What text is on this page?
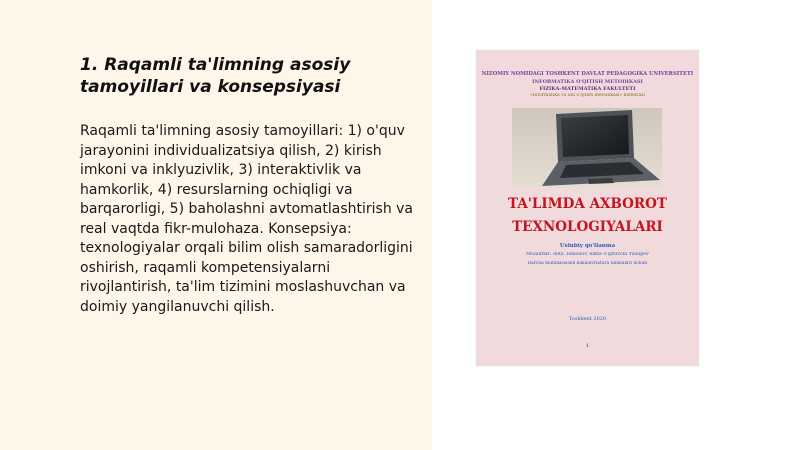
1. Raqamli ta'limning asosiy tamoyillari va konsepsiyasi

Raqamli ta'limning asosiy tamoyillari: 1) o'quv jarayonini individualizatsiya qilish, 2) kirish imkoni va inklyuzivlik, 3) interaktivlik va hamkorlik, 4) resurslarning ochiqligi va barqarorligi, 5) baholashni avtomatlashtirish va real vaqtda fikr-mulohaza. Konsepsiya: texnologiyalar orqali bilim olish samaradorligini oshirish, raqamli kompetensiyalarni rivojlantirish, ta'lim tizimini moslashuvchan va doimiy yangilanuvchi qilish.

NIZOMIY NOMIDAGI TOSHKENT DAVLAT PEDAGOGIKA UNIVERSITETI
INFORMATIKA O'QITISH METODIKASI
FIZIKA-MATEMATIKA FAKULTETI
«Informatika va uni o'qitish metodikasi» kafedrasi
TA'LIMDA AXBOROT
TEXNOLOGIYALARI
Uslubiy qo'llanma
Mualliflar: dots. Ismoilov, katta o'qituvchi Yusupov
Barcha mutaxassislik bakalavriatura talabalari uchun
Toshkent 2020
1
